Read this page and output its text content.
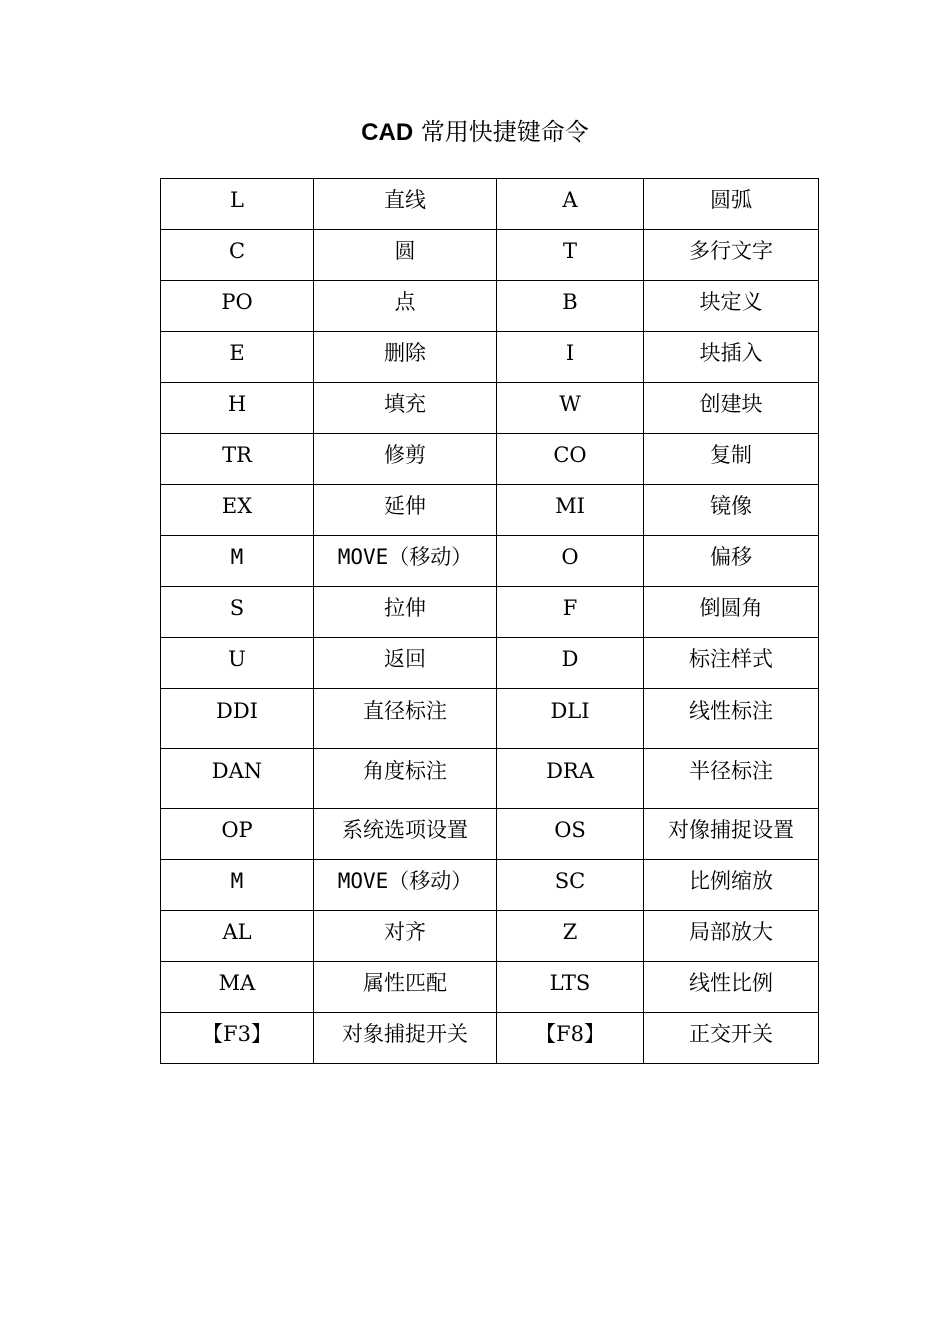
CAD 常用快捷键命令
L	直线	A	圆弧
C	圆	T	多行文字
PO	点	B	块定义
E	删除	I	块插入
H	填充	W	创建块
TR	修剪	CO	复制
EX	延伸	MI	镜像
M	MOVE（移动）	O	偏移
S	拉伸	F	倒圆角
U	返回	D	标注样式
DDI	直径标注	DLI	线性标注
DAN	角度标注	DRA	半径标注
OP	系统选项设置	OS	对像捕捉设置
M	MOVE（移动）	SC	比例缩放
AL	对齐	Z	局部放大
MA	属性匹配	LTS	线性比例
【F3】	对象捕捉开关	【F8】	正交开关
